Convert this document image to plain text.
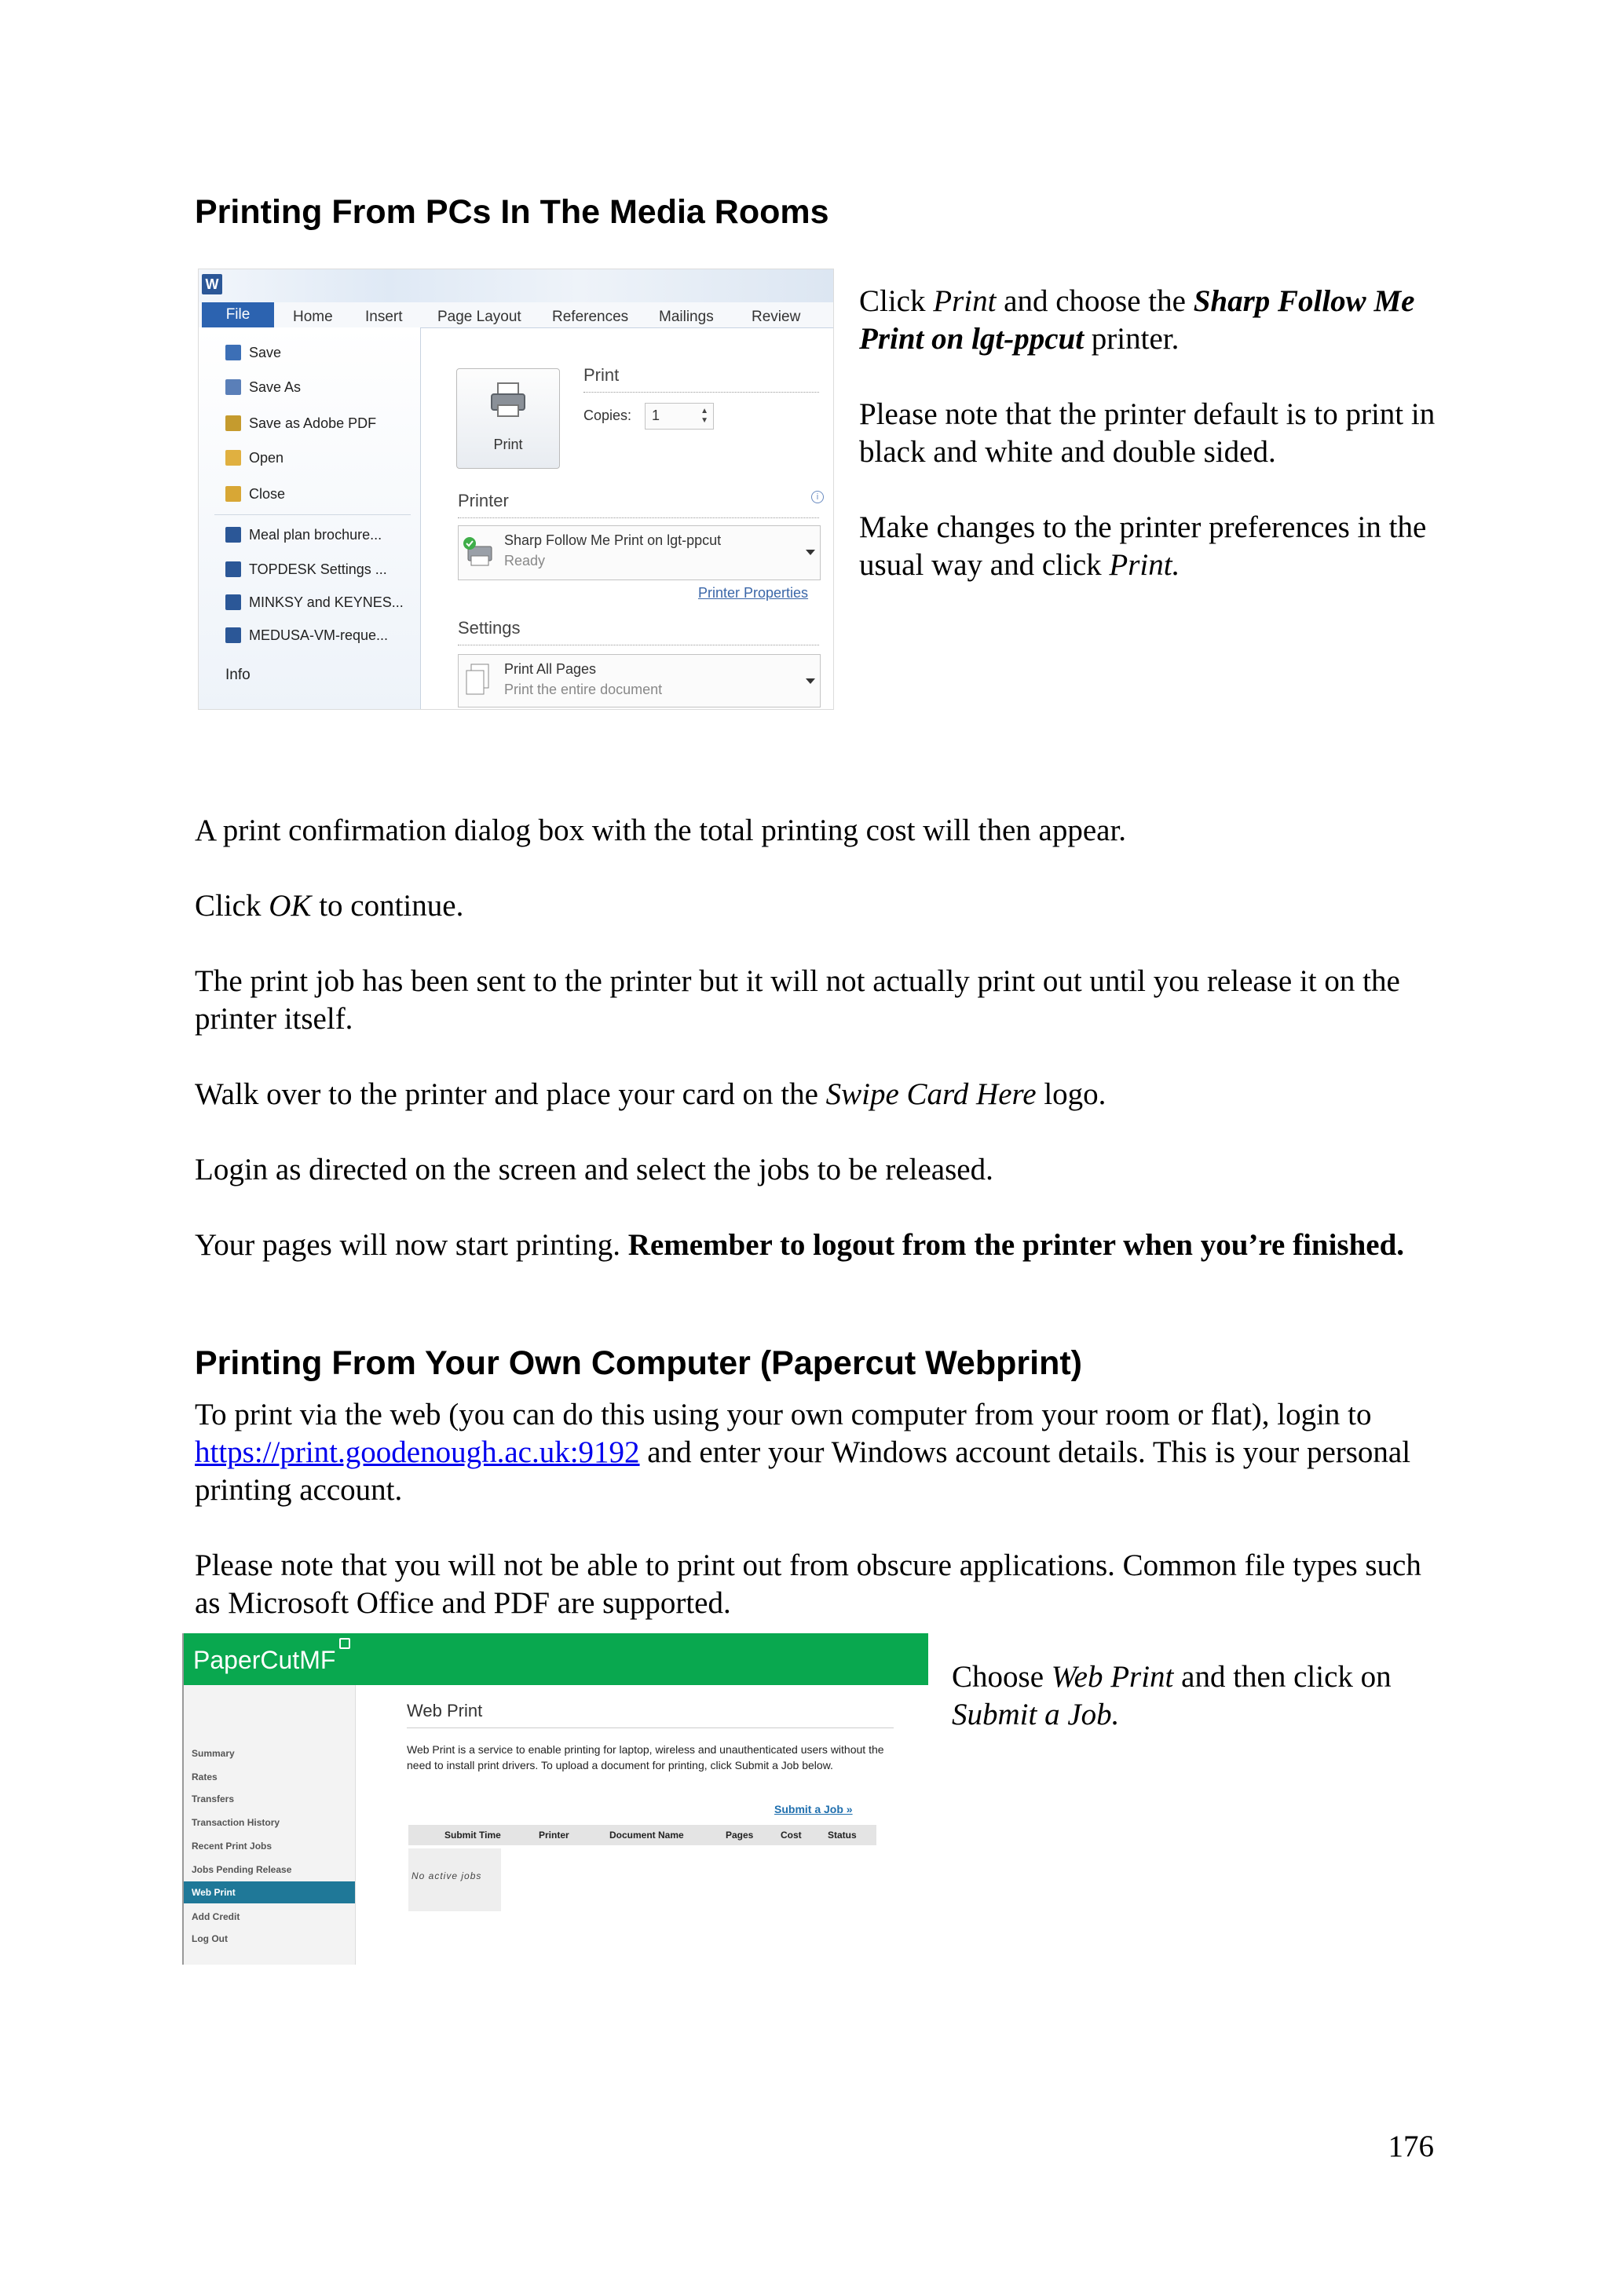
Printing From PCs In The Media Rooms
W
File	Home Insert Page Layout References Mailings	Review
Save
Save As
Save as Adobe PDF
Open
Close
Meal plan brochure...
TOPDESK Settings ...
MINKSY and KEYNES...
MEDUSA-VM-reque...
Info
Print
Print
Copies: 1	▲
▼
Printer	i
Sharp Follow Me Print on lgt-ppcut
Ready
Printer Properties
Settings
Print All Pages
Print the entire document

Click Print and choose the Sharp Follow Me Print on lgt-ppcut printer.

Please note that the printer default is to print in black and white and double sided.

Make changes to the printer preferences in the usual way and click Print.

A print confirmation dialog box with the total printing cost will then appear.

Click OK to continue.

The print job has been sent to the printer but it will not actually print out until you release it on the printer itself.

Walk over to the printer and place your card on the Swipe Card Here logo.

Login as directed on the screen and select the jobs to be released.

Your pages will now start printing. Remember to logout from the printer when you’re finished.

Printing From Your Own Computer (Papercut Webprint)

To print via the web (you can do this using your own computer from your room or flat), login to https://print.goodenough.ac.uk:9192 and enter your Windows account details. This is your personal printing account.

Please note that you will not be able to print out from obscure applications. Common file types such as Microsoft Office and PDF are supported.

PaperCutMF
Summary
Rates
Transfers
Transaction History
Recent Print Jobs
Jobs Pending Release
Web Print
Add Credit
Log Out
Web Print
Web Print is a service to enable printing for laptop, wireless and unauthenticated users without the need to install print drivers. To upload a document for printing, click Submit a Job below.
Submit a Job »
Submit Time	Printer	Document Name	Pages	Cost	Status
No active jobs

Choose Web Print and then click on Submit a Job.

176
